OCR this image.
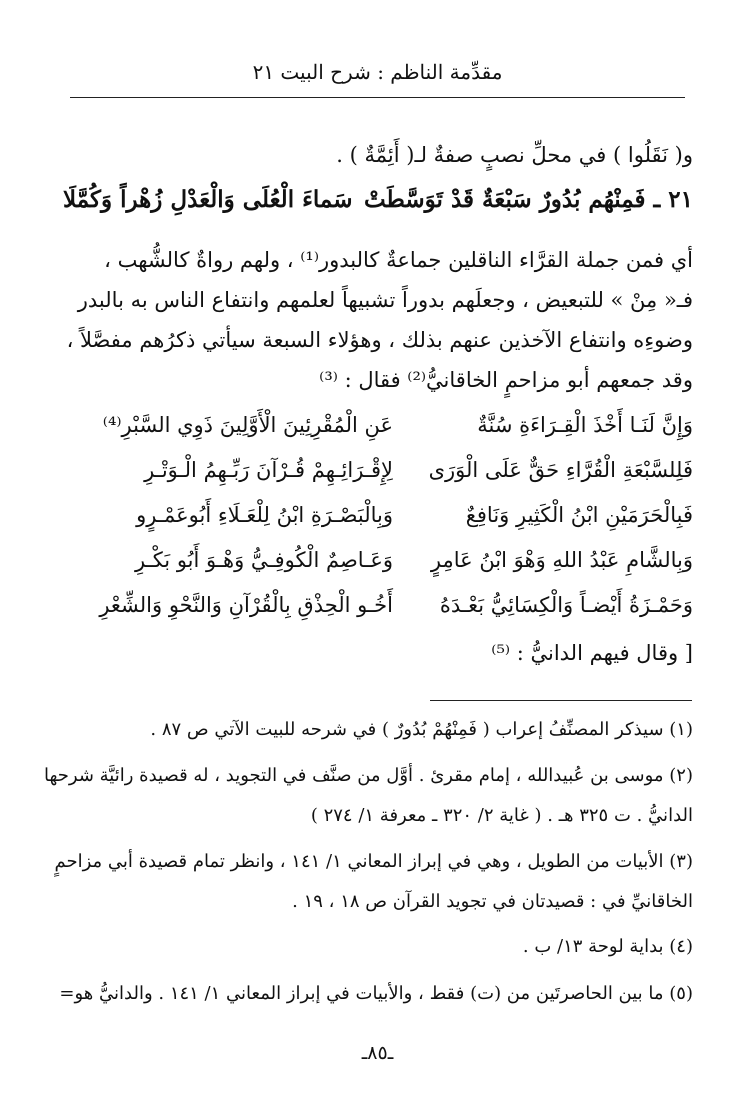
مقدِّمة الناظم : شرح البيت ٢١
و( نَقَلُوا ) في محلِّ نصبٍ صفةٌ لـ( أَئِمَّةٌ ) .
٢١ ـ فَمِنْهُم بُدُورٌ سَبْعَةٌ قَدْ تَوَسَّطَتْ
سَماءَ الْعُلَى وَالْعَدْلِ زُهْراً وَكُمَّلَا
أي فمن جملة القرَّاء الناقلين جماعةٌ كالبدور⁽¹⁾ ، ولهم رواةٌ كالشُّهب ،
فـ« مِنْ » للتبعيض ، وجعلَهم بدوراً تشبيهاً لعلمهم وانتفاع الناس به بالبدر
وضوءِه وانتفاع الآخذين عنهم بذلك ، وهؤلاء السبعة سيأتي ذكرُهم مفصَّلاً ،
وقد جمعهم أبو مزاحمٍ الخاقانيُّ⁽²⁾ فقال : ⁽³⁾
وَإِنَّ لَنَـا أَخْذَ الْقِـرَاءَةِ سُنَّةٌ
عَنِ الْمُقْرِئِينَ الْأَوَّلِينَ ذَوِي السَّبْرِ⁽⁴⁾
فَلِلسَّبْعَةِ الْقُرَّاءِ حَقٌّ عَلَى الْوَرَى
لِإِقْـرَائِـهِمْ قُـرْآنَ رَبِّـهِمُ الْـوَتْـرِ
فَبِالْحَرَمَيْنِ ابْنُ الْكَثِيرِ وَنَافِعٌ
وَبِالْبَصْـرَةِ ابْنُ لِلْعَـلَاءِ أَبُوعَمْـرٍو
وَبِالشَّامِ عَبْدُ اللهِ وَهْوَ ابْنُ عَامِرٍ
وَعَـاصِمٌ الْكُوفِـيُّ وَهْـوَ أَبُو بَكْـرِ
وَحَمْـزَةُ أَيْضـاً وَالْكِسَائِيُّ بَعْـدَهُ
أَخُـو الْحِذْقِ بِالْقُرْآنِ وَالنَّحْوِ وَالشِّعْرِ
[ وقال فيهم الدانيُّ : ⁽⁵⁾
(١) سيذكر المصنِّفُ إعراب ( فَمِنْهُمْ بُدُورٌ ) في شرحه للبيت الآتي ص ٨٧ .
(٢) موسى بن عُبيدالله ، إمام مقرئ . أوَّل من صنَّف في التجويد ، له قصيدة رائيَّة شرحها
الدانيُّ . ت ٣٢٥ هـ . ( غاية ٢/ ٣٢٠ ـ معرفة ١/ ٢٧٤ )
(٣) الأبيات من الطويل ، وهي في إبراز المعاني ١/ ١٤١ ، وانظر تمام قصيدة أبي مزاحمٍ
الخاقانيِّ في : قصيدتان في تجويد القرآن ص ١٨ ، ١٩ .
(٤) بداية لوحة ١٣/ ب .
(٥) ما بين الحاصرتَين من (ت) فقط ، والأبيات في إبراز المعاني ١/ ١٤١ . والدانيُّ هو=
ـ٨٥ـ
